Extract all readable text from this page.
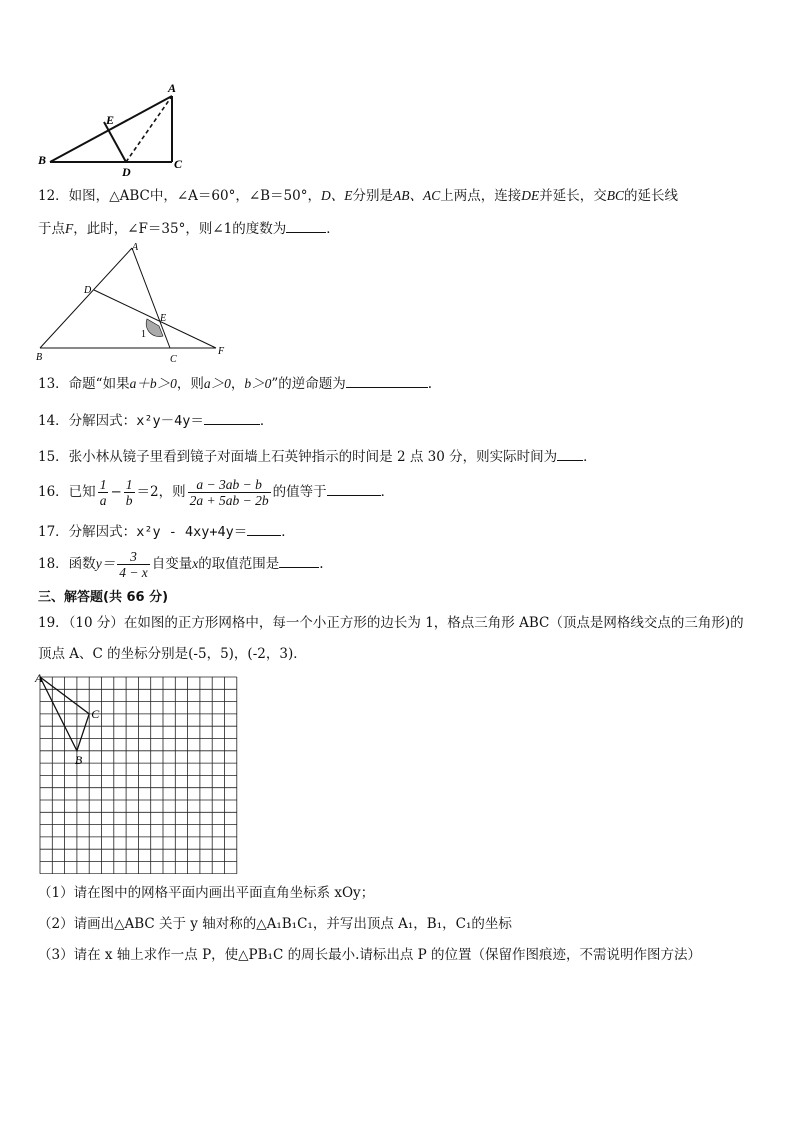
A
B	C
D
E
12．如图，△ABC中，∠A＝60°，∠B＝50°，D、E分别是AB、AC上两点，连接DE并延长，交BC的延长线
于点F，此时，∠F＝35°，则∠1的度数为	．
A
B	C
D
E
F
1
13．命题“如果a＋b＞0，则a＞0，b＞0”的逆命题为	.
14．分解因式：x²y－4y＝	．
15．张小林从镜子里看到镜子对面墙上石英钟指示的时间是 2 点 30 分，则实际时间为 ．
16．已知 $\frac{1}{a} - \frac{1}{b} =2$，则 $\frac{a - 3ab - b}{2a + 5ab - 2b}$ 的值等于	．
17．分解因式：x²y - 4xy+4y＝	．
18．函数$y= \frac{3}{4 - x}$ 自变量x的取值范围是	.
三、解答题(共 66 分)
19．（10 分）在如图的正方形网格中，每一个小正方形的边长为 1，格点三角形 ABC（顶点是网格线交点的三角形)的
顶点 A、C 的坐标分别是(-5，5)，(-2，3)．
A
B
C
（1）请在图中的网格平面内画出平面直角坐标系 xOy；
（2）请画出△ABC 关于 y 轴对称的△A₁B₁C₁，并写出顶点 A₁，B₁，C₁的坐标
（3）请在 x 轴上求作一点 P，使△PB₁C 的周长最小.请标出点 P 的位置（保留作图痕迹，不需说明作图方法）
